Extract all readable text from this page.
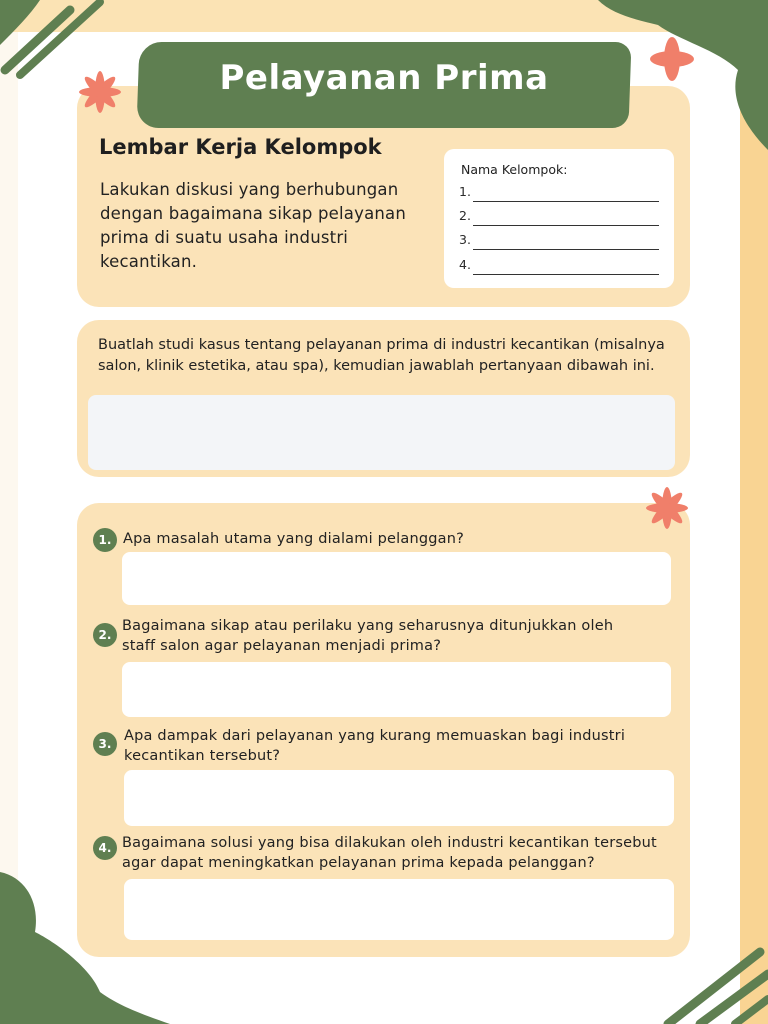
Pelayanan Prima
Lembar Kerja Kelompok
Lakukan diskusi yang berhubungan dengan bagaimana sikap pelayanan prima di suatu usaha industri kecantikan.
Nama Kelompok:
1.
2.
3.
4.
Buatlah studi kasus tentang pelayanan prima di industri kecantikan (misalnya salon, klinik estetika, atau spa), kemudian jawablah pertanyaan dibawah ini.
1. Apa masalah utama yang dialami pelanggan?
2.
Bagaimana sikap atau perilaku yang seharusnya ditunjukkan oleh staff salon agar pelayanan menjadi prima?
3. Apa dampak dari pelayanan yang kurang memuaskan bagi industri kecantikan tersebut?
4. Bagaimana solusi yang bisa dilakukan oleh industri kecantikan tersebut agar dapat meningkatkan pelayanan prima kepada pelanggan?
